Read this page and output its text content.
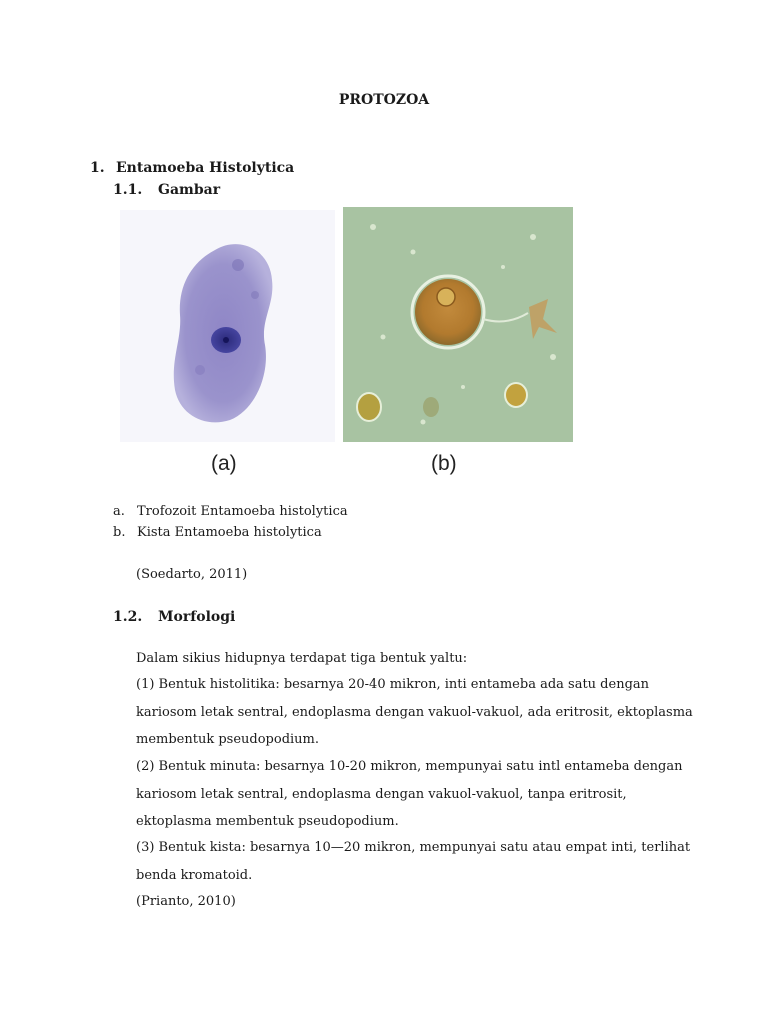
PROTOZOA
1. Entamoeba Histolytica
1.1. Gambar
(a)	(b)
a. Trofozoit Entamoeba histolytica
b. Kista Entamoeba histolytica
(Soedarto, 2011)
1.2. Morfologi
Dalam sikius hidupnya terdapat tiga bentuk yaltu:
(1) Bentuk histolitika: besarnya 20-40 mikron, inti entameba ada satu dengan
kariosom letak sentral, endoplasma dengan vakuol-vakuol, ada eritrosit, ektoplasma
membentuk pseudopodium.
(2) Bentuk minuta: besarnya 10-20 mikron, mempunyai satu intl entameba dengan
kariosom letak sentral, endoplasma dengan vakuol-vakuol, tanpa eritrosit,
ektoplasma membentuk pseudopodium.
(3) Bentuk kista: besarnya 10—20 mikron, mempunyai satu atau empat inti, terlihat
benda kromatoid.
(Prianto, 2010)
